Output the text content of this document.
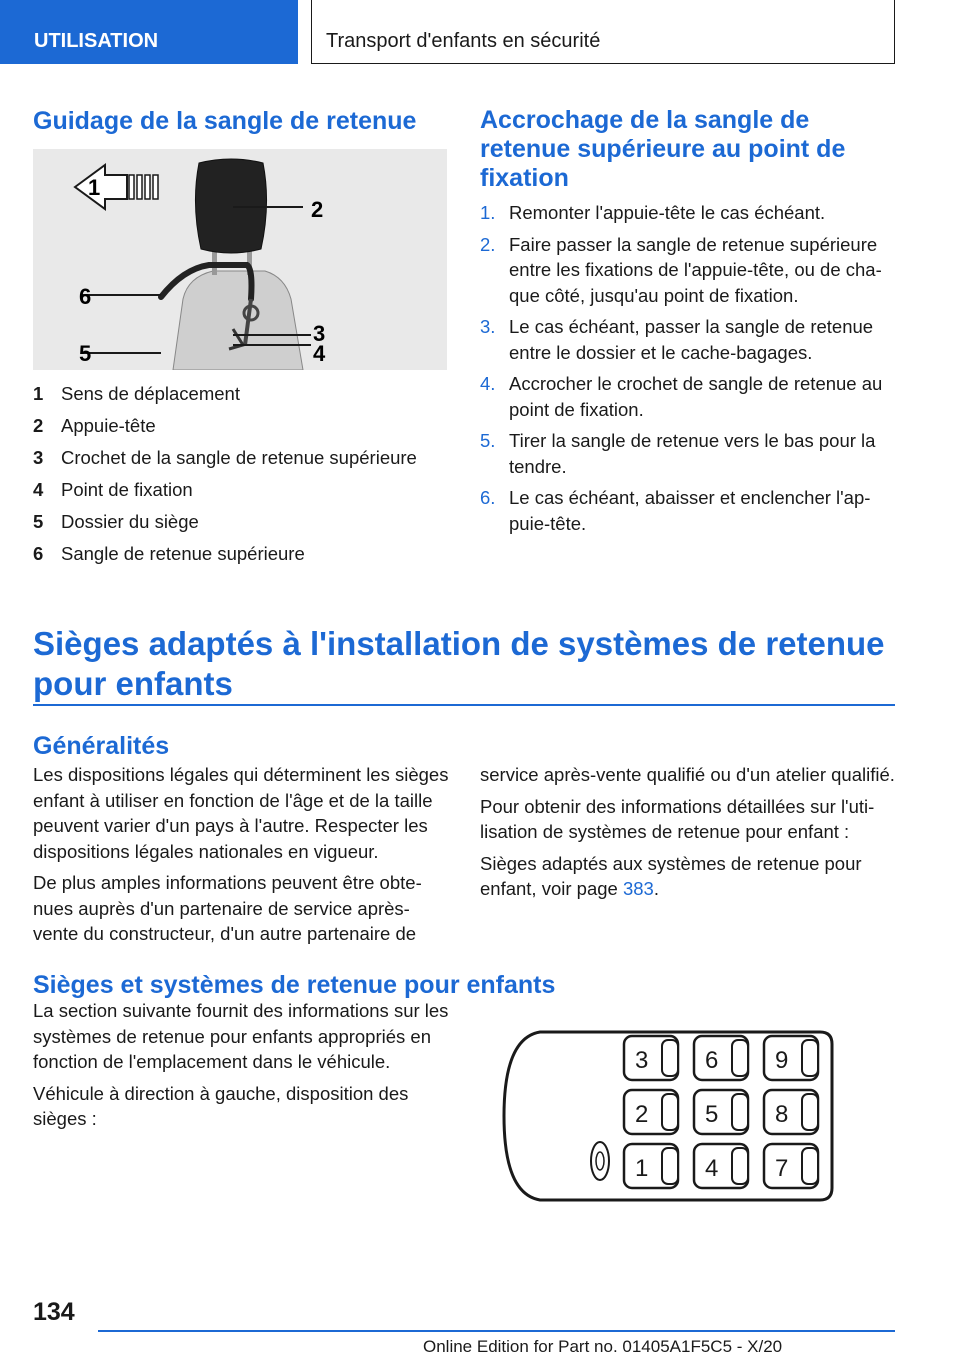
UTILISATION	Transport d'enfants en sécurité
Guidage de la sangle de retenue
1
2
3
4
5
6
1 Sens de déplacement
2 Appuie-tête
3 Crochet de la sangle de retenue supérieure
4 Point de fixation
5 Dossier du siège
6 Sangle de retenue supérieure
Accrochage de la sangle de retenue supérieure au point de fixation
1. Remonter l'appuie-tête le cas échéant.
2. Faire passer la sangle de retenue supérieure entre les fixations de l'appuie-tête, ou de chaque côté, jusqu'au point de fixation.
3. Le cas échéant, passer la sangle de retenue entre le dossier et le cache-bagages.
4. Accrocher le crochet de sangle de retenue au point de fixation.
5. Tirer la sangle de retenue vers le bas pour la tendre.
6. Le cas échéant, abaisser et enclencher l'appuie-tête.
Sièges adaptés à l'installation de systèmes de retenue pour enfants
Généralités

Les dispositions légales qui déterminent les sièges enfant à utiliser en fonction de l'âge et de la taille peuvent varier d'un pays à l'autre. Respecter les dispositions légales nationales en vigueur.

De plus amples informations peuvent être obtenues auprès d'un partenaire de service après-vente du constructeur, d'un autre partenaire de

service après-vente qualifié ou d'un atelier qualifié.

Pour obtenir des informations détaillées sur l'utilisation de systèmes de retenue pour enfant :

Sièges adaptés aux systèmes de retenue pour enfant, voir page 383.

Sièges et systèmes de retenue pour enfants

La section suivante fournit des informations sur les systèmes de retenue pour enfants appropriés en fonction de l'emplacement dans le véhicule.

Véhicule à direction à gauche, disposition des sièges :

3 6 9
2 5 8
1 4 7
134
Online Edition for Part no. 01405A1F5C5 - X/20
